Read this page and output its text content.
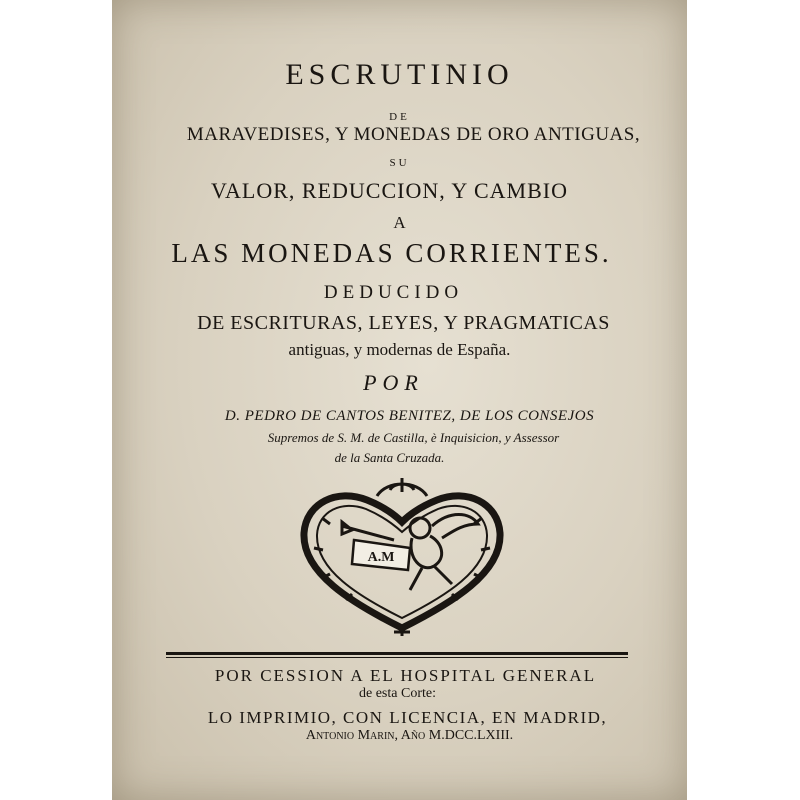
ESCRUTINIO
DE
MARAVEDISES, Y MONEDAS DE ORO ANTIGUAS,
SU
VALOR, REDUCCION, Y CAMBIO
A
LAS MONEDAS CORRIENTES.
DEDUCIDO
DE ESCRITURAS, LEYES, Y PRAGMATICAS
antiguas, y modernas de España.
POR
D. PEDRO DE CANTOS BENITEZ, DE LOS CONSEJOS
Supremos de S. M. de Castilla, è Inquisicion, y Assessor
de la Santa Cruzada.
A.M
POR CESSION A EL HOSPITAL GENERAL
de esta Corte:
LO IMPRIMIO, CON LICENCIA, EN MADRID,
Antonio Marin, Año M.DCC.LXIII.
